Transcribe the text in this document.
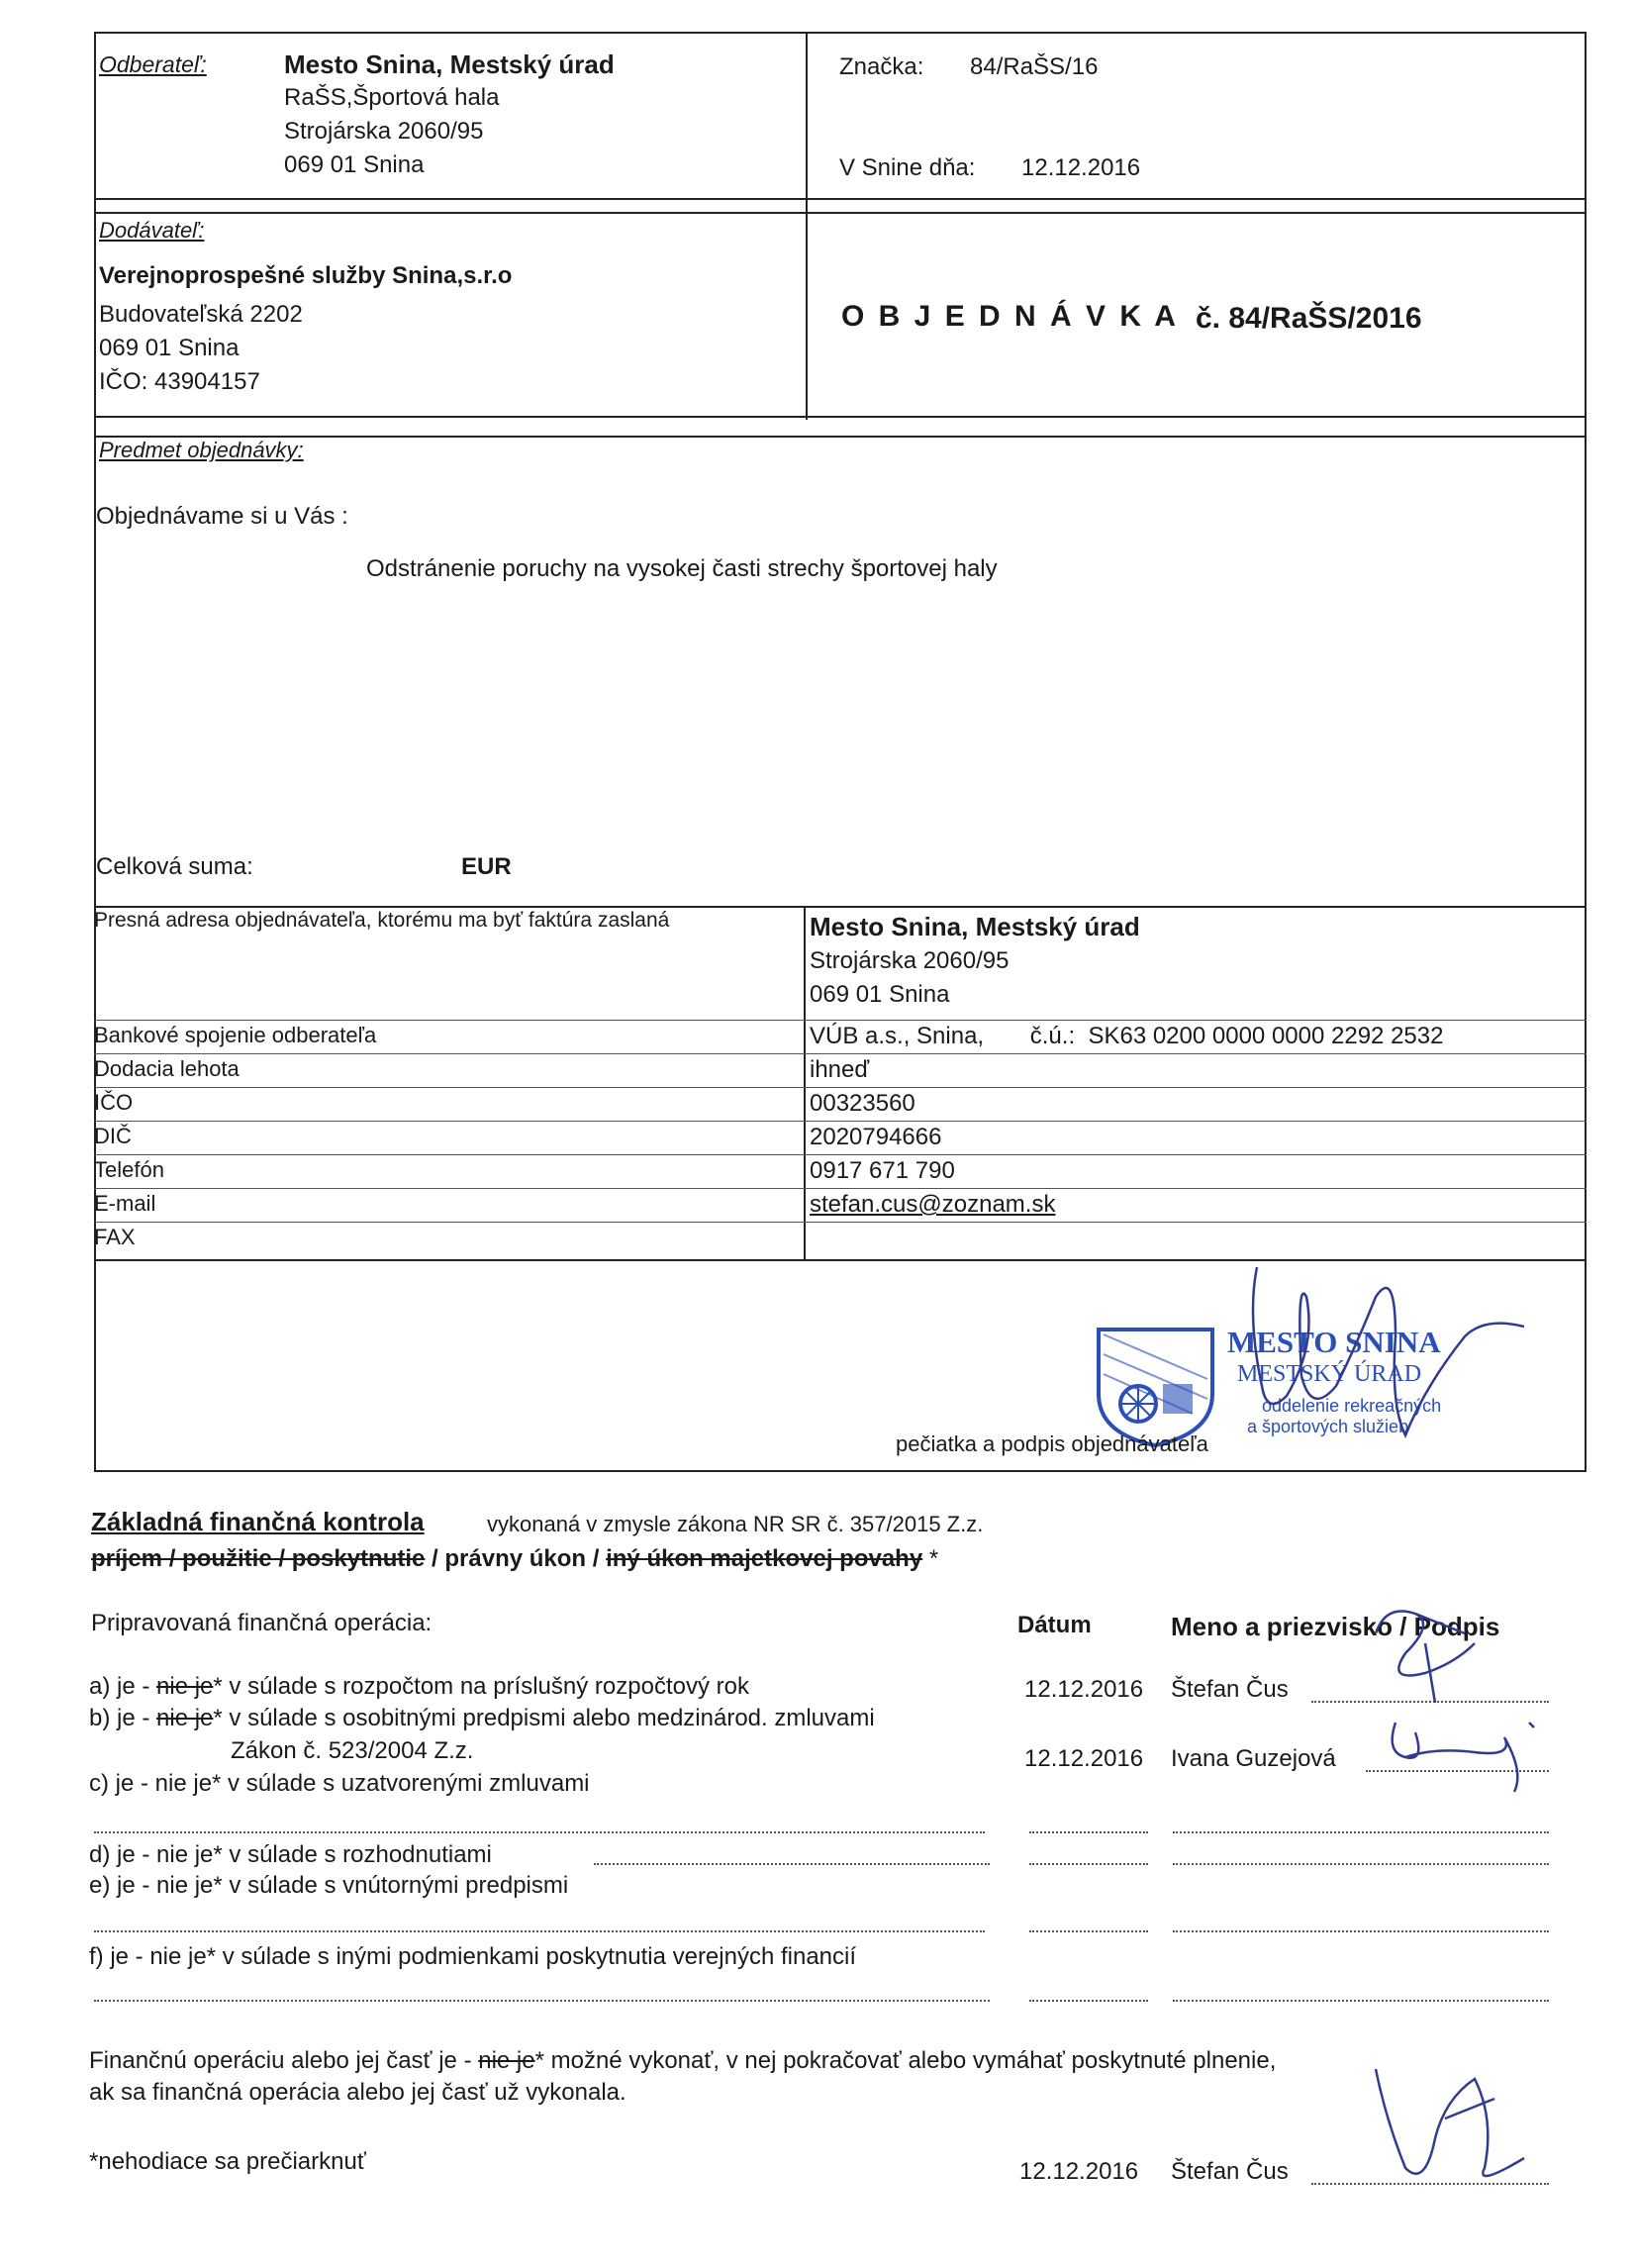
Odberateľ:	Mesto Snina, Mestský úrad
RaŠS,Športová hala
Strojárska 2060/95
069 01 Snina
Značka: 84/RaŠS/16
V Snine dňa: 12.12.2016
Dodávateľ:
Verejnoprospešné služby Snina,s.r.o
Budovateľská 2202
069 01 Snina
IČO: 43904157
O B J E D N Á V K A č. 84/RaŠS/2016
Predmet objednávky:
Objednávame si u Vás :
Odstránenie poruchy na vysokej časti strechy športovej haly
Celková suma:	EUR
Presná adresa objednávateľa, ktorému ma byť faktúra zaslaná	Mesto Snina, Mestský úrad
Strojárska 2060/95
069 01 Snina
Bankové spojenie odberateľa	VÚB a.s., Snina,       č.ú.:  SK63 0200 0000 0000 2292 2532
Dodacia lehota	ihneď
IČO	00323560
DIČ	2020794666
Telefón	0917 671 790
E-mail	stefan.cus@zoznam.sk
FAX
MESTO SNINA
MESTSKÝ ÚRAD
oddelenie rekreačných
a športových služieb
pečiatka a podpis objednávateľa
Základná finančná kontrola	vykonaná v zmysle zákona NR SR č. 357/2015 Z.z.
príjem / použitie / poskytnutie / právny úkon / iný úkon majetkovej povahy *
Pripravovaná finančná operácia:	Dátum	Meno a priezvisko / Podpis
a) je - nie je* v súlade s rozpočtom na príslušný rozpočtový rok	12.12.2016 Štefan Čus
b) je - nie je* v súlade s osobitnými predpismi alebo medzinárod. zmluvami
Zákon č. 523/2004 Z.z.	12.12.2016 Ivana Guzejová
c) je - nie je* v súlade s uzatvorenými zmluvami
d) je - nie je* v súlade s rozhodnutiami
e) je - nie je* v súlade s vnútornými predpismi
f) je - nie je* v súlade s inými podmienkami poskytnutia verejných financií
Finančnú operáciu alebo jej časť je - nie je* možné vykonať, v nej pokračovať alebo vymáhať poskytnuté plnenie,
ak sa finančná operácia alebo jej časť už vykonala.
*nehodiace sa prečiarknuť	12.12.2016 Štefan Čus
